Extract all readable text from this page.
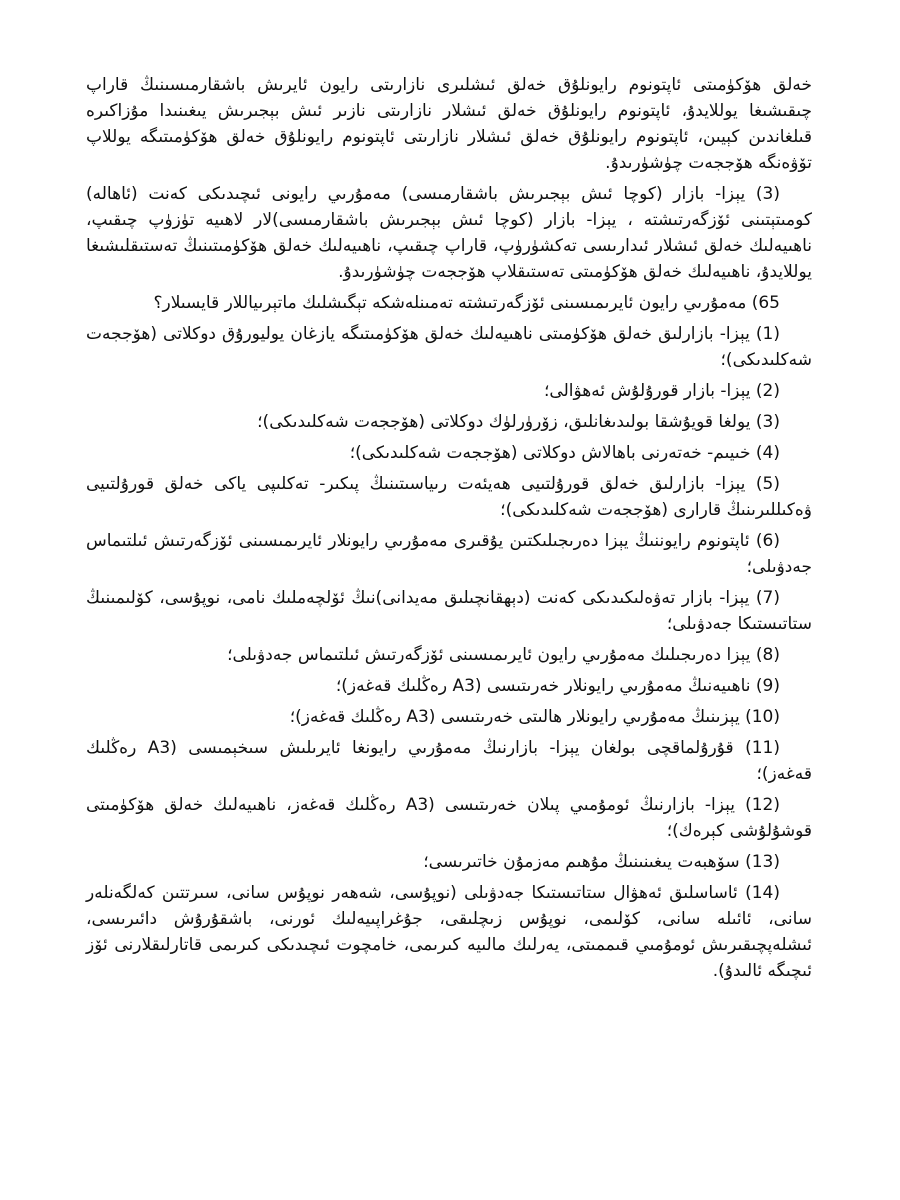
خەلق ھۆكۈمىتى ئاپتونوم رايونلۇق خەلق ئىشلىرى نازارىتى رايون ئايرىش باشقارمىسىنىڭ قاراپ چىقىشىغا يوللايدۇ، ئاپتونوم رايونلۇق خەلق ئىشلار نازارىتى نازىر ئىش بېجىرىش يىغىنىدا مۇزاكىرە قىلغاندىن كېيىن، ئاپتونوم رايونلۇق خەلق ئىشلار نازارىتى ئاپتونوم رايونلۇق خەلق ھۆكۈمىتىگە يوللاپ تۆۋەنگە ھۆججەت چۈشۈرىدۇ.

(3) يېزا- بازار (كوچا ئىش بېجىرىش باشقارمىسى) مەمۇرىي رايونى ئىچىدىكى كەنت (ئاھالە) كومىتېتىنى ئۆزگەرتىشتە ، يېزا- بازار (كوچا ئىش بېجىرىش باشقارمىسى)لار لاھىيە تۈزۈپ چىقىپ، ناھىيەلىك خەلق ئىشلار ئىدارىسى تەكشۈرۈپ، قاراپ چىقىپ، ناھىيەلىك خەلق ھۆكۈمىتىنىڭ تەستىقلىشىغا يوللايدۇ، ناھىيەلىك خەلق ھۆكۈمىتى تەستىقلاپ ھۆججەت چۈشۈرىدۇ.

65) مەمۇرىي رايون ئايرىمىسىنى ئۆزگەرتىشتە تەمىنلەشكە تېگىشلىك ماتېرىياللار قايسىلار؟

(1) يېزا- بازارلىق خەلق ھۆكۈمىتى ناھىيەلىك خەلق ھۆكۈمىتىگە يازغان يوليورۇق دوكلاتى (ھۆججەت شەكلىدىكى)؛

(2) يېزا- بازار قورۇلۇش ئەھۋالى؛

(3) يولغا قويۇشقا بولىدىغانلىق، زۆرۈرلۈك دوكلاتى (ھۆججەت شەكلىدىكى)؛

(4) خىيىم- خەتەرنى باھالاش دوكلاتى (ھۆججەت شەكلىدىكى)؛

(5) يېزا- بازارلىق خەلق قورۇلتىيى ھەيئەت رىياسىتىنىڭ پىكىر- تەكلىپى ياكى خەلق قورۇلتىيى ۋەكىللىرىنىڭ قارارى (ھۆججەت شەكلىدىكى)؛

(6) ئاپتونوم رايوننىڭ يېزا دەرىجىلىكتىن يۇقىرى مەمۇرىي رايونلار ئايرىمىسىنى ئۆزگەرتىش ئىلتىماس جەدۋىلى؛

(7) يېزا- بازار تەۋەلىكىدىكى كەنت (دېھقانچىلىق مەيدانى)نىڭ ئۆلچەملىك نامى، نوپۇسى، كۆلىمىنىڭ ستاتىستىكا جەدۋىلى؛

(8) يېزا دەرىجىلىك مەمۇرىي رايون ئايرىمىسىنى ئۆزگەرتىش ئىلتىماس جەدۋىلى؛

(9) ناھىيەنىڭ مەمۇرىي رايونلار خەرىتىسى (A3 رەڭلىك قەغەز)؛

(10) يېزىنىڭ مەمۇرىي رايونلار ھالىتى خەرىتىسى (A3 رەڭلىك قەغەز)؛

(11) قۇرۇلماقچى بولغان يېزا- بازارنىڭ مەمۇرىي رايونغا ئايرىلىش سىخېمىسى (A3 رەڭلىك قەغەز)؛

(12) يېزا- بازارنىڭ ئومۇمىي پىلان خەرىتىسى (A3 رەڭلىك قەغەز، ناھىيەلىك خەلق ھۆكۈمىتى قوشۇلۇشى كېرەك)؛

(13) سۆھبەت يىغىنىنىڭ مۇھىم مەزمۇن خاتىرىسى؛

(14) ئاساسلىق ئەھۋال ستاتىستىكا جەدۋىلى (نوپۇسى، شەھەر نوپۇس سانى، سىرتتىن كەلگەنلەر سانى، ئائىلە سانى، كۆلىمى، نوپۇس زىچلىقى، جۇغراپىيەلىك ئورنى، باشقۇرۇش دائىرىسى، ئىشلەپچىقىرىش ئومۇمىي قىممىتى، يەرلىك مالىيە كىرىمى، خامچوت ئىچىدىكى كىرىمى قاتارلىقلارنى ئۆز ئىچىگە ئالىدۇ).
